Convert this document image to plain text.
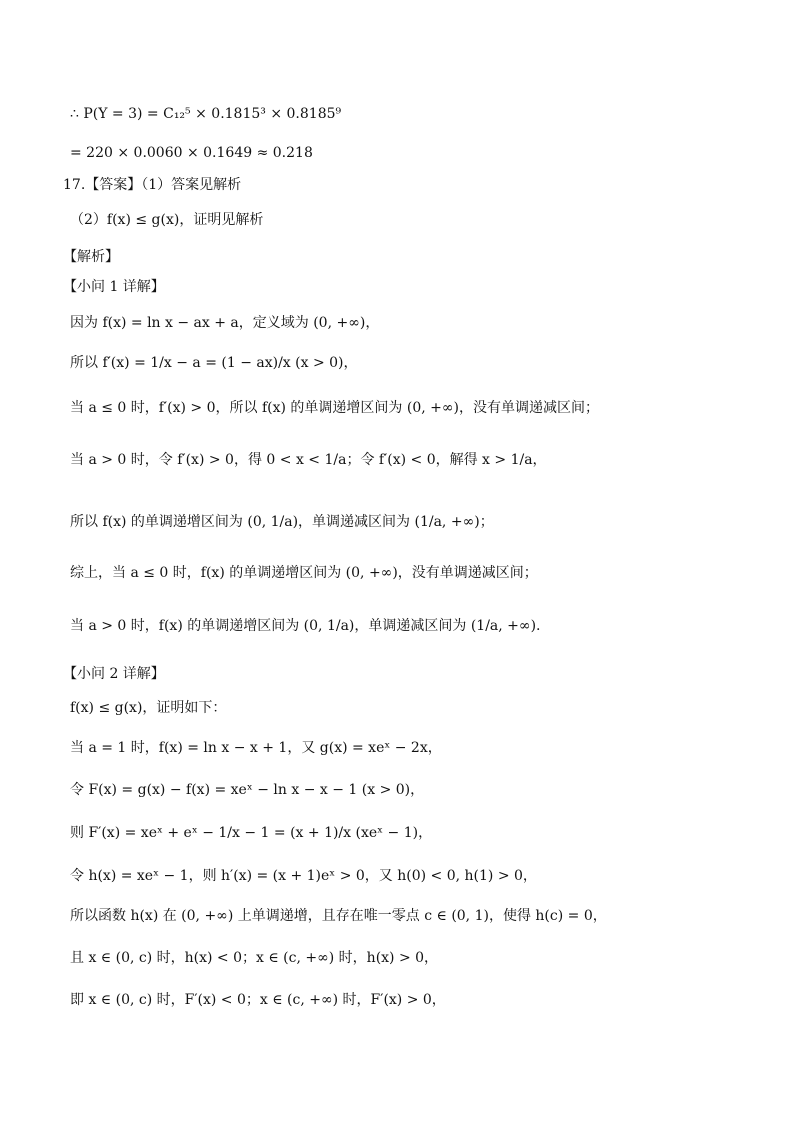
∴ P(Y = 3) = C₁₂⁵ × 0.1815³ × 0.8185⁹
= 220 × 0.0060 × 0.1649 ≈ 0.218
17.【答案】（1）答案见解析
（2）f(x) ≤ g(x)，证明见解析
【解析】
【小问 1 详解】
因为 f(x) = ln x − ax + a，定义域为 (0, +∞)，
所以 f′(x) = 1/x − a = (1 − ax)/x (x > 0)，
当 a ≤ 0 时，f′(x) > 0，所以 f(x) 的单调递增区间为 (0, +∞)，没有单调递减区间；
当 a > 0 时，令 f′(x) > 0，得 0 < x < 1/a；令 f′(x) < 0，解得 x > 1/a，
所以 f(x) 的单调递增区间为 (0, 1/a)，单调递减区间为 (1/a, +∞)；
综上，当 a ≤ 0 时，f(x) 的单调递增区间为 (0, +∞)，没有单调递减区间；
当 a > 0 时，f(x) 的单调递增区间为 (0, 1/a)，单调递减区间为 (1/a, +∞).
【小问 2 详解】
f(x) ≤ g(x)，证明如下：
当 a = 1 时，f(x) = ln x − x + 1，又 g(x) = xeˣ − 2x，
令 F(x) = g(x) − f(x) = xeˣ − ln x − x − 1 (x > 0)，
则 F′(x) = xeˣ + eˣ − 1/x − 1 = (x + 1)/x (xeˣ − 1)，
令 h(x) = xeˣ − 1，则 h′(x) = (x + 1)eˣ > 0，又 h(0) < 0, h(1) > 0，
所以函数 h(x) 在 (0, +∞) 上单调递增，且存在唯一零点 c ∈ (0, 1)，使得 h(c) = 0，
且 x ∈ (0, c) 时，h(x) < 0；x ∈ (c, +∞) 时，h(x) > 0，
即 x ∈ (0, c) 时，F′(x) < 0；x ∈ (c, +∞) 时，F′(x) > 0，
